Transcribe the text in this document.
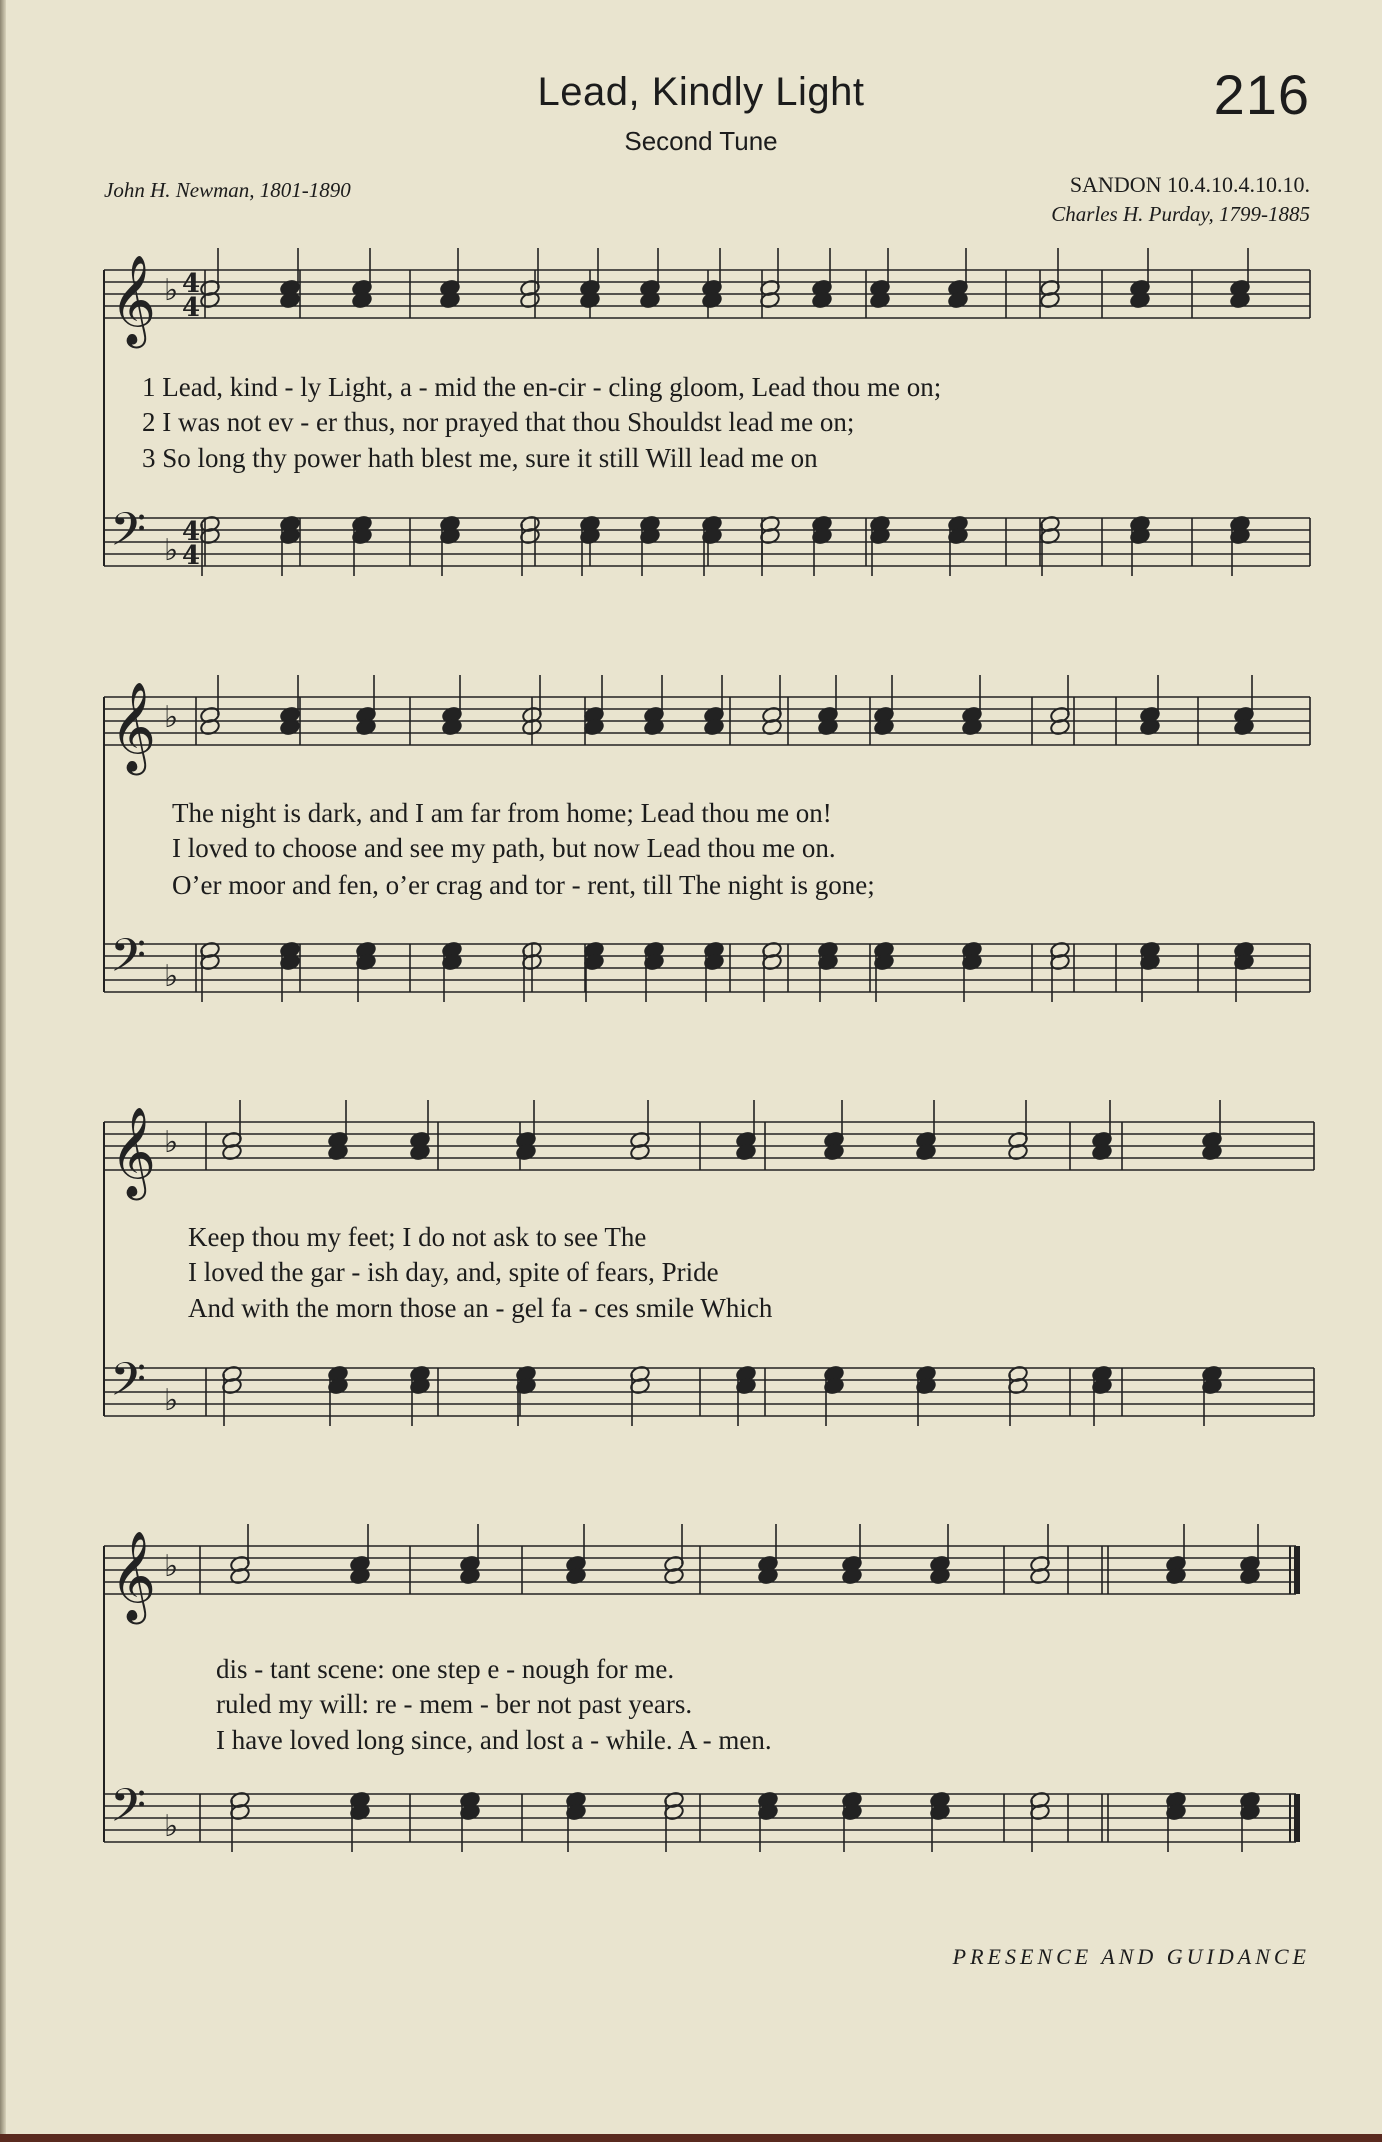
Lead, Kindly Light	216
Second Tune
John H. Newman, 1801-1890	SANDON 10.4.10.4.10.10.
Charles H. Purday, 1799-1885
𝄞 ♭
𝄢 ♭
4
4
4
4
𝄞 ♭
𝄢 ♭
𝄞 ♭
𝄢 ♭
𝄞 ♭
𝄢 ♭
1 Lead, kind - ly Light, a - mid the en-cir - cling gloom, Lead thou me on;
2 I was not ev - er thus, nor prayed that thou Shouldst lead me on;
3 So long thy power hath blest me, sure it still Will lead me on
The night is dark, and I am far from home; Lead thou me on!
I loved to choose and see my path, but now Lead thou me on.
O’er moor and fen, o’er crag and tor - rent, till The night is gone;
Keep thou my feet; I do not ask to see The
I loved the gar - ish day, and, spite of fears, Pride
And with the morn those an - gel fa - ces smile Which
dis - tant scene: one step e - nough for me.
ruled my will: re - mem - ber not past years.
I have loved long since, and lost a - while. A - men.
PRESENCE AND GUIDANCE
